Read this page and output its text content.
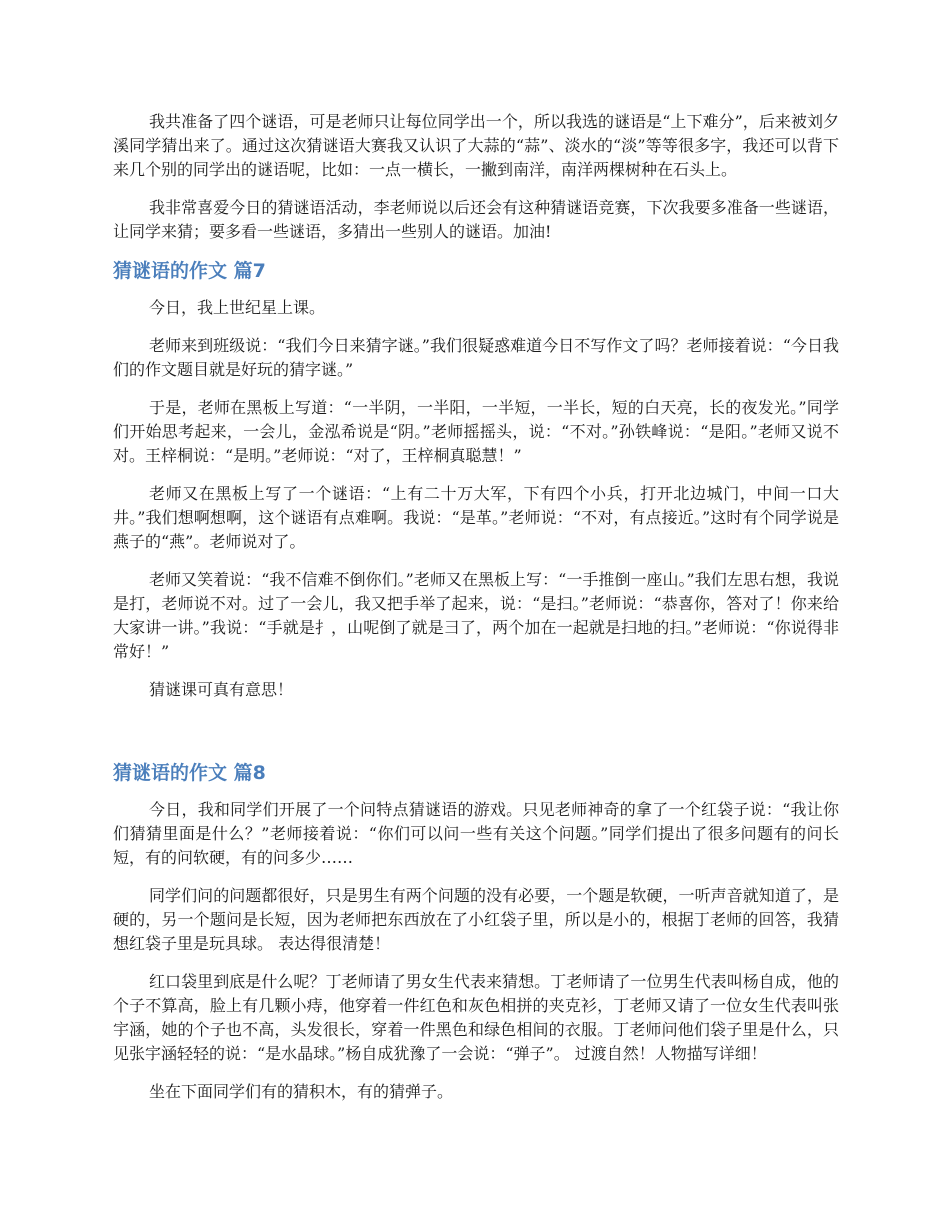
我共准备了四个谜语，可是老师只让每位同学出一个，所以我选的谜语是“上下难分”，后来被刘夕溪同学猜出来了。通过这次猜谜语大赛我又认识了大蒜的“蒜”、淡水的“淡”等等很多字，我还可以背下来几个别的同学出的谜语呢，比如：一点一横长，一撇到南洋，南洋两棵树种在石头上。

我非常喜爱今日的猜谜语活动，李老师说以后还会有这种猜谜语竞赛，下次我要多准备一些谜语，让同学来猜；要多看一些谜语，多猜出一些别人的谜语。加油!

猜谜语的作文 篇7

今日，我上世纪星上课。

老师来到班级说：“我们今日来猜字谜。”我们很疑惑难道今日不写作文了吗？老师接着说：“今日我们的作文题目就是好玩的猜字谜。”

于是，老师在黑板上写道：“一半阴，一半阳，一半短，一半长，短的白天亮，长的夜发光。”同学们开始思考起来，一会儿，金泓希说是“阴。”老师摇摇头，说：“不对。”孙铁峰说：“是阳。”老师又说不对。王梓桐说：“是明。”老师说：“对了，王梓桐真聪慧！”

老师又在黑板上写了一个谜语：“上有二十万大军，下有四个小兵，打开北边城门，中间一口大井。”我们想啊想啊，这个谜语有点难啊。我说：“是革。”老师说：“不对，有点接近。”这时有个同学说是燕子的“燕”。老师说对了。

老师又笑着说：“我不信难不倒你们。”老师又在黑板上写：“一手推倒一座山。”我们左思右想，我说是打，老师说不对。过了一会儿，我又把手举了起来，说：“是扫。”老师说：“恭喜你，答对了！你来给大家讲一讲。”我说：“手就是扌，山呢倒了就是彐了，两个加在一起就是扫地的扫。”老师说：“你说得非常好！”

猜谜课可真有意思！

猜谜语的作文 篇8

今日，我和同学们开展了一个问特点猜谜语的游戏。只见老师神奇的拿了一个红袋子说：“我让你们猜猜里面是什么？”老师接着说：“你们可以问一些有关这个问题。”同学们提出了很多问题有的问长短，有的问软硬，有的问多少……

同学们问的问题都很好，只是男生有两个问题的没有必要，一个题是软硬，一听声音就知道了，是硬的，另一个题问是长短，因为老师把东西放在了小红袋子里，所以是小的，根据丁老师的回答，我猜想红袋子里是玩具球。 表达得很清楚！

红口袋里到底是什么呢？丁老师请了男女生代表来猜想。丁老师请了一位男生代表叫杨自成，他的个子不算高，脸上有几颗小痔，他穿着一件红色和灰色相拼的夹克衫，丁老师又请了一位女生代表叫张宇涵，她的个子也不高，头发很长，穿着一件黑色和绿色相间的衣服。丁老师问他们袋子里是什么，只见张宇涵轻轻的说：“是水晶球。”杨自成犹豫了一会说：“弹子”。 过渡自然！人物描写详细！

坐在下面同学们有的猜积木，有的猜弹子。
